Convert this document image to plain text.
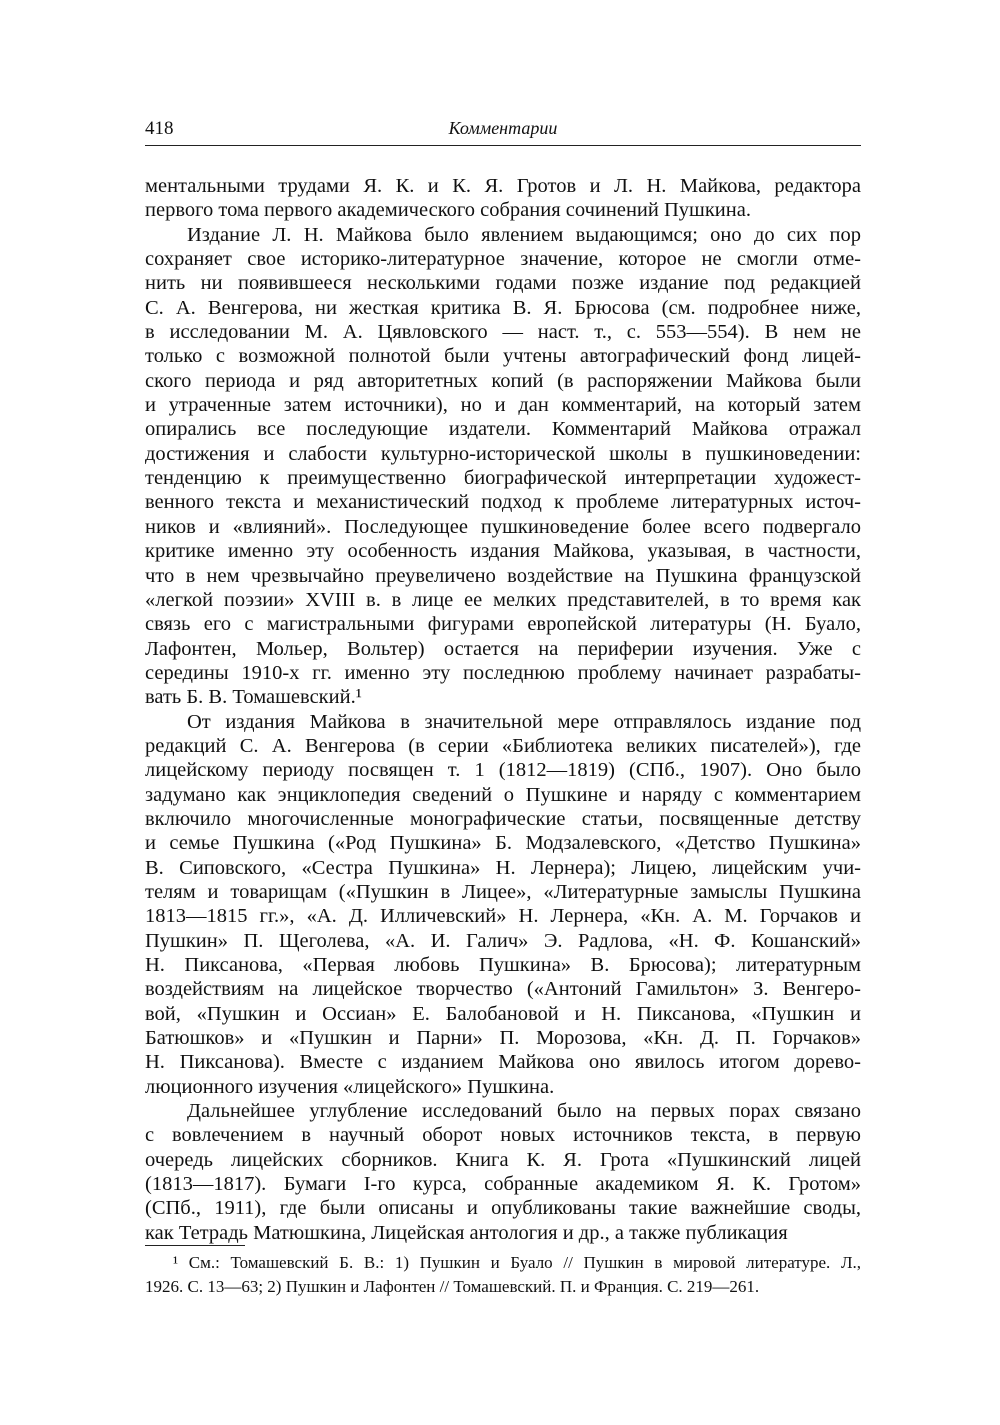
418	Комментарии
ментальными трудами Я. К. и К. Я. Гротов и Л. Н. Майкова, редактора
первого тома первого академического собрания сочинений Пушкина.
Издание Л. Н. Майкова было явлением выдающимся; оно до сих пор
сохраняет свое историко-литературное значение, которое не смогли отме-
нить ни появившееся несколькими годами позже издание под редакцией
С. А. Венгерова, ни жесткая критика В. Я. Брюсова (см. подробнее ниже,
в исследовании М. А. Цявловского — наст. т., с. 553—554). В нем не
только с возможной полнотой были учтены автографический фонд лицей-
ского периода и ряд авторитетных копий (в распоряжении Майкова были
и утраченные затем источники), но и дан комментарий, на который затем
опирались все последующие издатели. Комментарий Майкова отражал
достижения и слабости культурно-исторической школы в пушкиноведении:
тенденцию к преимущественно биографической интерпретации художест-
венного текста и механистический подход к проблеме литературных источ-
ников и «влияний». Последующее пушкиноведение более всего подвергало
критике именно эту особенность издания Майкова, указывая, в частности,
что в нем чрезвычайно преувеличено воздействие на Пушкина французской
«легкой поэзии» XVIII в. в лице ее мелких представителей, в то время как
связь его с магистральными фигурами европейской литературы (Н. Буало,
Лафонтен, Мольер, Вольтер) остается на периферии изучения. Уже с
середины 1910-х гг. именно эту последнюю проблему начинает разрабаты-
вать Б. В. Томашевский.¹
От издания Майкова в значительной мере отправлялось издание под
редакций С. А. Венгерова (в серии «Библиотека великих писателей»), где
лицейскому периоду посвящен т. 1 (1812—1819) (СПб., 1907). Оно было
задумано как энциклопедия сведений о Пушкине и наряду с комментарием
включило многочисленные монографические статьи, посвященные детству
и семье Пушкина («Род Пушкина» Б. Модзалевского, «Детство Пушкина»
В. Сиповского, «Сестра Пушкина» Н. Лернера); Лицею, лицейским учи-
телям и товарищам («Пушкин в Лицее», «Литературные замыслы Пушкина
1813—1815 гг.», «А. Д. Илличевский» Н. Лернера, «Кн. А. М. Горчаков и
Пушкин» П. Щеголева, «А. И. Галич» Э. Радлова, «Н. Ф. Кошанский»
Н. Пиксанова, «Первая любовь Пушкина» В. Брюсова); литературным
воздействиям на лицейское творчество («Антоний Гамильтон» З. Венгеро-
вой, «Пушкин и Оссиан» Е. Балобановой и Н. Пиксанова, «Пушкин и
Батюшков» и «Пушкин и Парни» П. Морозова, «Кн. Д. П. Горчаков»
Н. Пиксанова). Вместе с изданием Майкова оно явилось итогом дорево-
люционного изучения «лицейского» Пушкина.
Дальнейшее углубление исследований было на первых порах связано
с вовлечением в научный оборот новых источников текста, в первую
очередь лицейских сборников. Книга К. Я. Грота «Пушкинский лицей
(1813—1817). Бумаги I-го курса, собранные академиком Я. К. Гротом»
(СПб., 1911), где были описаны и опубликованы такие важнейшие своды,
как Тетрадь Матюшкина, Лицейская антология и др., а также публикация
¹ См.: Томашевский Б. В.: 1) Пушкин и Буало // Пушкин в мировой литературе. Л.,
1926. С. 13—63; 2) Пушкин и Лафонтен // Томашевский. П. и Франция. С. 219—261.
